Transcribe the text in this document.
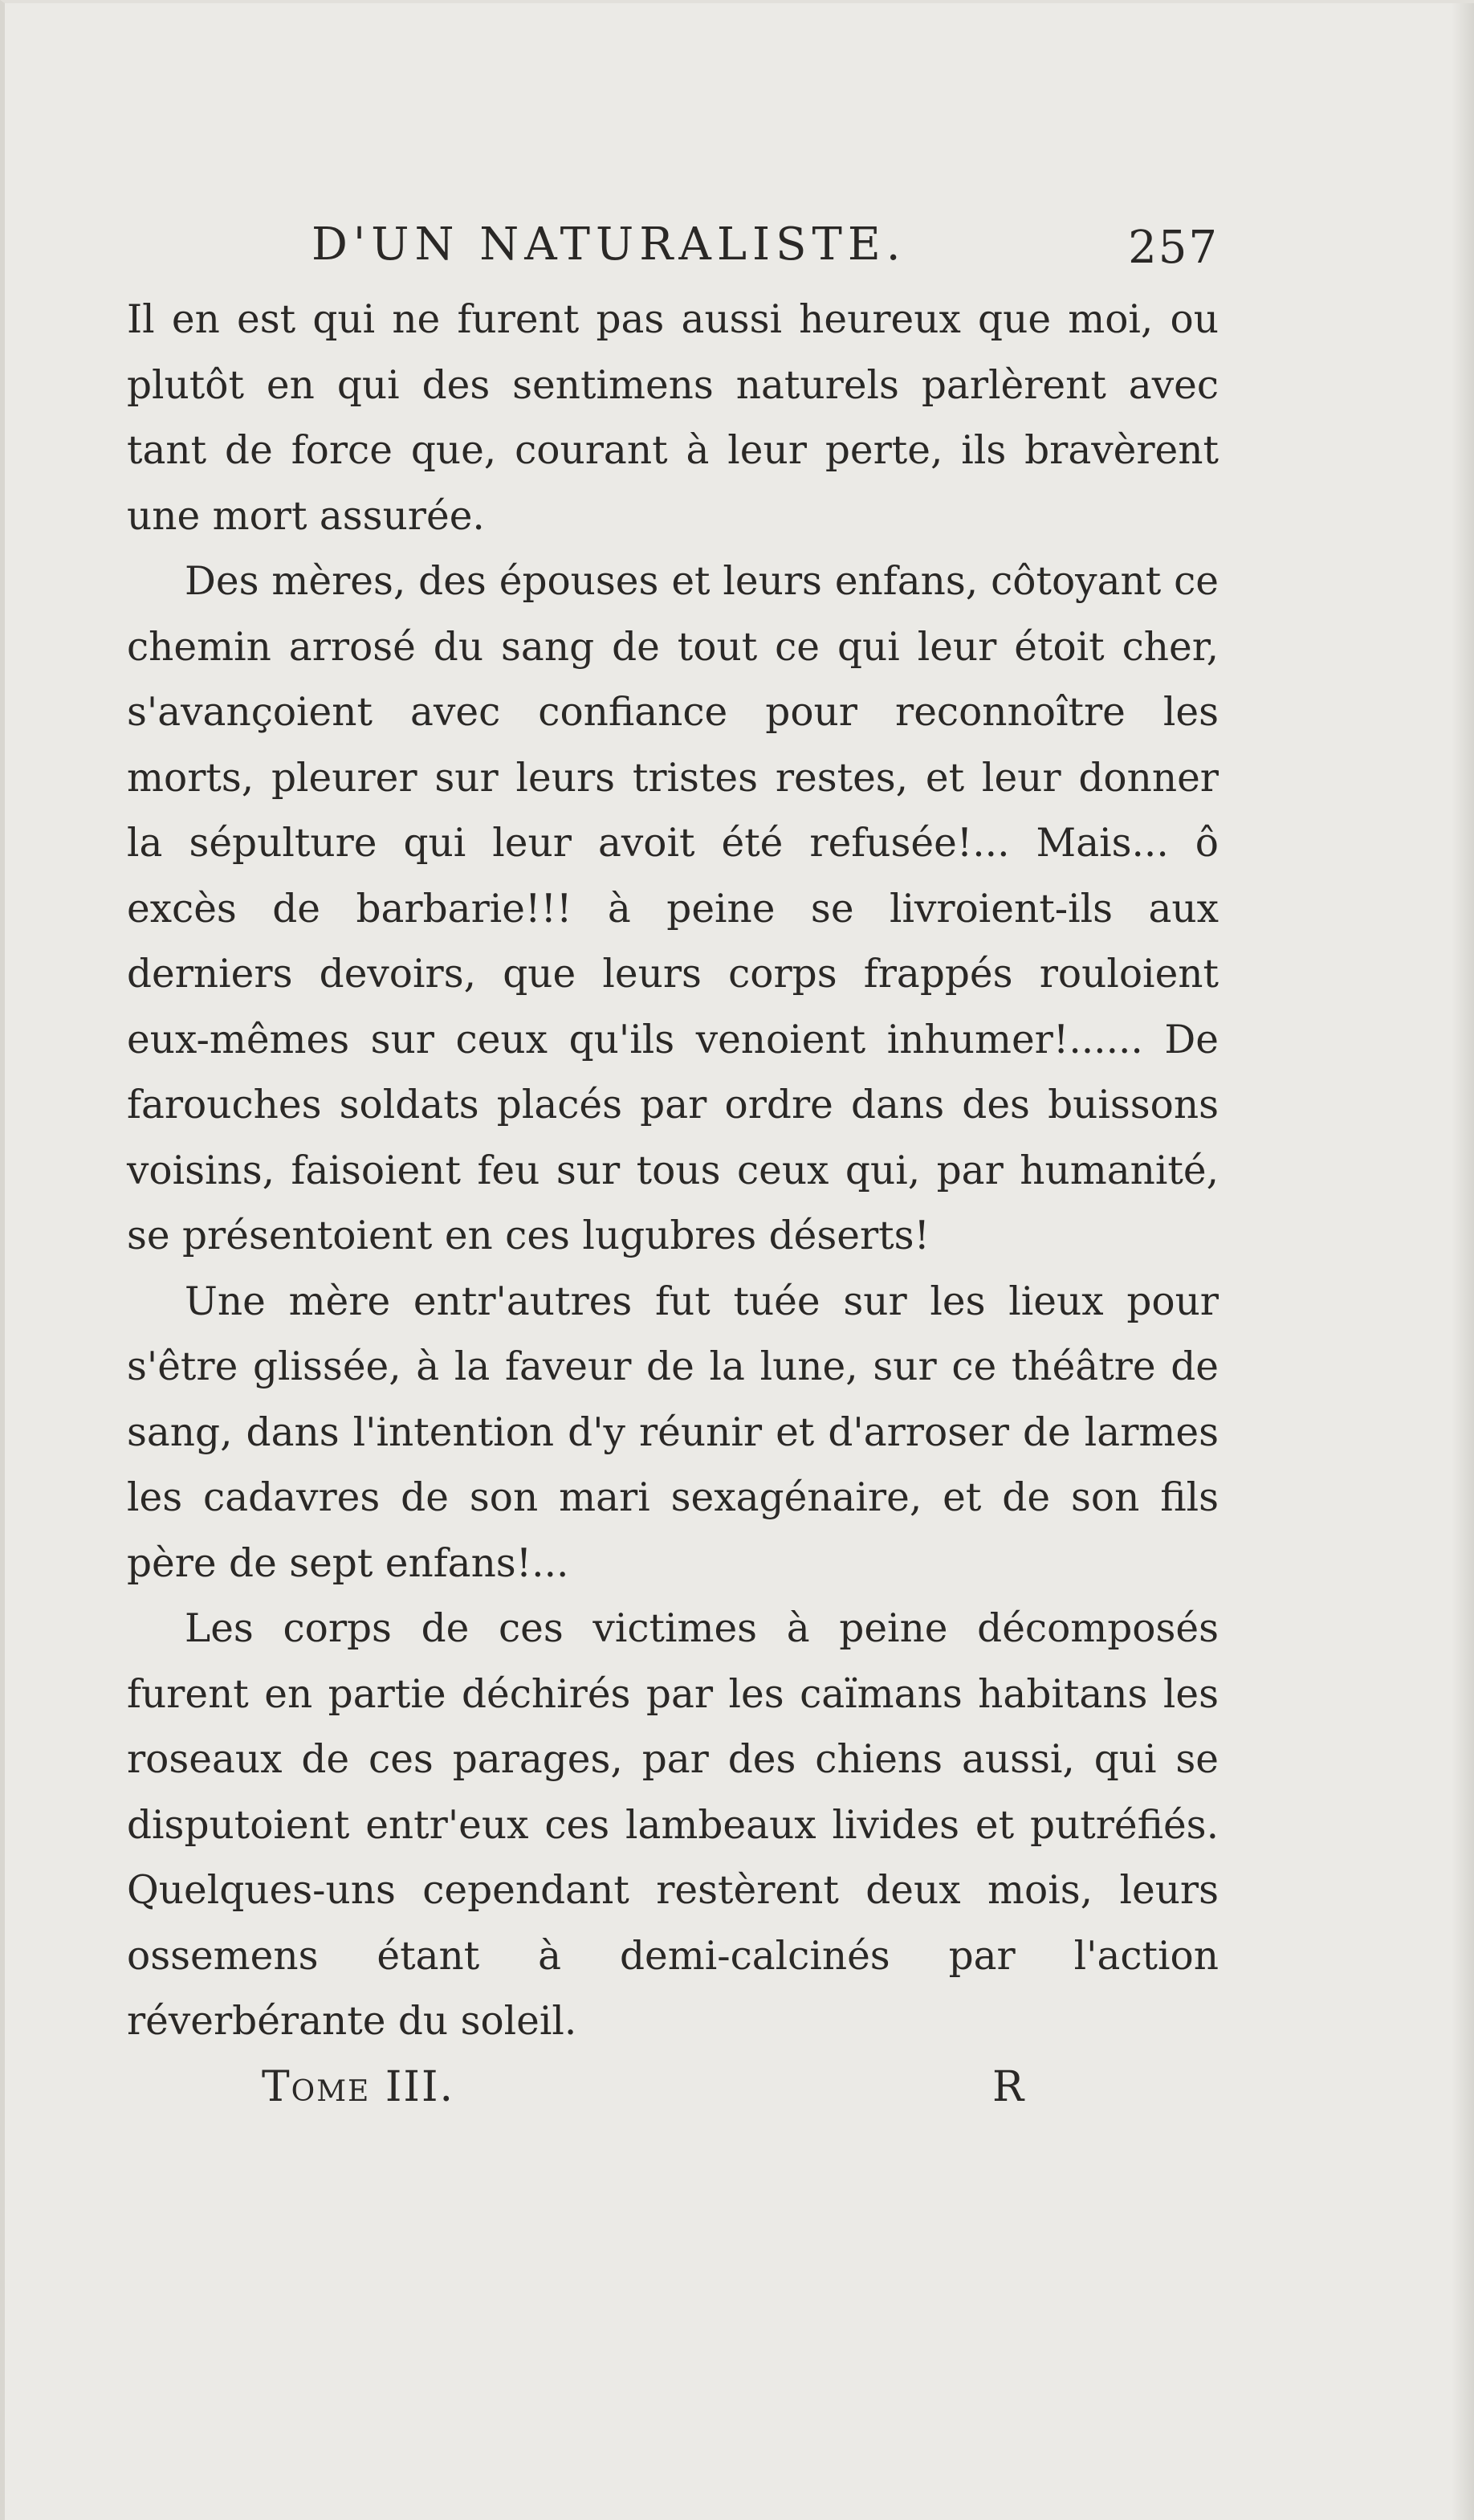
D'UN NATURALISTE.	257

Il en est qui ne furent pas aussi heureux que moi, ou plutôt en qui des sentimens naturels parlèrent avec tant de force que, courant à leur perte, ils bravèrent une mort assurée.

Des mères, des épouses et leurs enfans, côtoyant ce chemin arrosé du sang de tout ce qui leur étoit cher, s'avançoient avec confiance pour reconnoître les morts, pleurer sur leurs tristes restes, et leur donner la sépulture qui leur avoit été refusée!... Mais... ô excès de barbarie!!! à peine se livroient-ils aux derniers devoirs, que leurs corps frappés rouloient eux-mêmes sur ceux qu'ils venoient inhumer!...... De farouches soldats placés par ordre dans des buissons voisins, faisoient feu sur tous ceux qui, par humanité, se présentoient en ces lugubres déserts!

Une mère entr'autres fut tuée sur les lieux pour s'être glissée, à la faveur de la lune, sur ce théâtre de sang, dans l'intention d'y réunir et d'arroser de larmes les cadavres de son mari sexagénaire, et de son fils père de sept enfans!...

Les corps de ces victimes à peine décomposés furent en partie déchirés par les caïmans habitans les roseaux de ces parages, par des chiens aussi, qui se disputoient entr'eux ces lambeaux livides et putréfiés. Quelques-uns cependant restèrent deux mois, leurs ossemens étant à demi-calcinés par l'action réverbérante du soleil.

Tome III.	R
